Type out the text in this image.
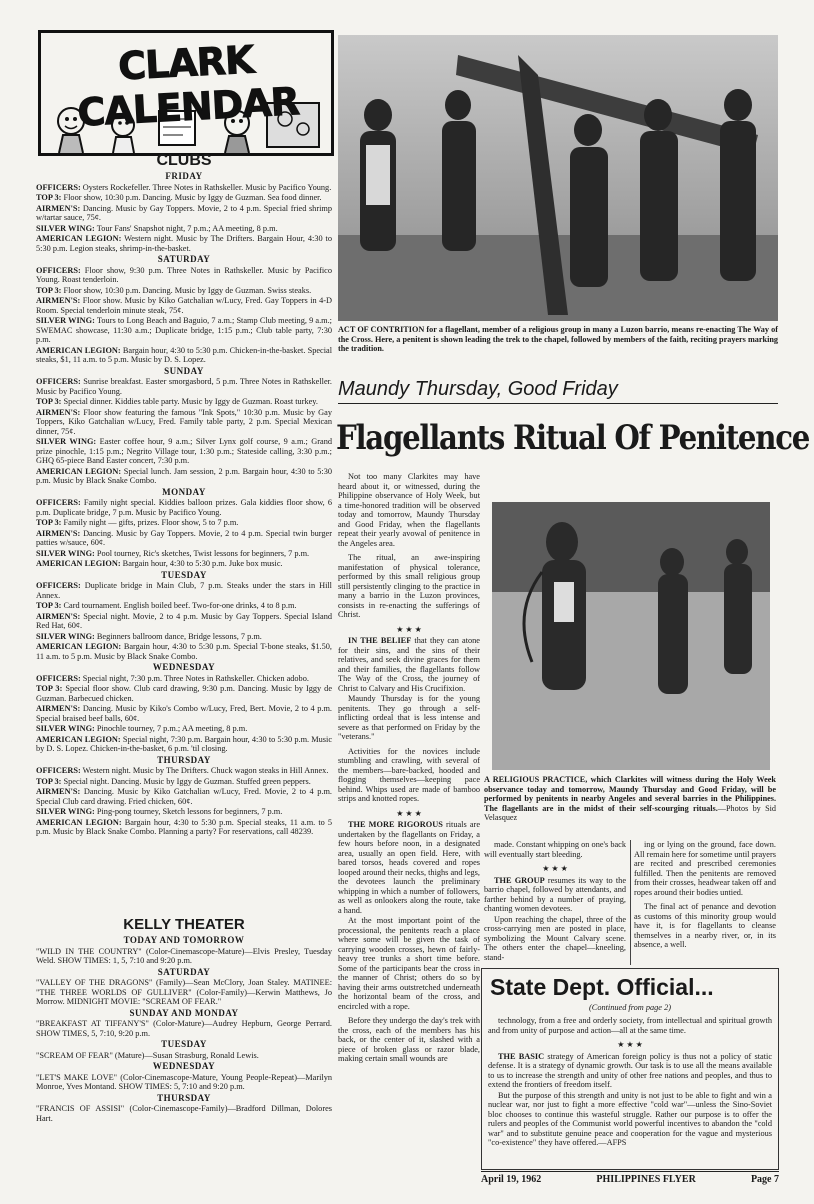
CLARK CALENDAR
CLUBS
FRIDAY

OFFICERS: Oysters Rockefeller. Three Notes in Rathskeller. Music by Pacifico Young.

TOP 3: Floor show, 10:30 p.m. Dancing. Music by Iggy de Guzman. Sea food dinner.

AIRMEN'S: Dancing. Music by Gay Toppers. Movie, 2 to 4 p.m. Special fried shrimp w/tartar sauce, 75¢.

SILVER WING: Tour Fans' Snapshot night, 7 p.m.; AA meeting, 8 p.m.

AMERICAN LEGION: Western night. Music by The Drifters. Bargain Hour, 4:30 to 5:30 p.m. Legion steaks, shrimp-in-the-basket.

SATURDAY

OFFICERS: Floor show, 9:30 p.m. Three Notes in Rathskeller. Music by Pacifico Young. Roast tenderloin.

TOP 3: Floor show, 10:30 p.m. Dancing. Music by Iggy de Guzman. Swiss steaks.

AIRMEN'S: Floor show. Music by Kiko Gatchalian w/Lucy, Fred. Gay Toppers in 4-D Room. Special tenderloin minute steak, 75¢.

SILVER WING: Tours to Long Beach and Baguio, 7 a.m.; Stamp Club meeting, 9 a.m.; SWEMAC showcase, 11:30 a.m.; Duplicate bridge, 1:15 p.m.; Club table party, 7:30 p.m.

AMERICAN LEGION: Bargain hour, 4:30 to 5:30 p.m. Chicken-in-the-basket. Special steaks, $1, 11 a.m. to 5 p.m. Music by D. S. Lopez.

SUNDAY

OFFICERS: Sunrise breakfast. Easter smorgasbord, 5 p.m. Three Notes in Rathskeller. Music by Pacifico Young.

TOP 3: Special dinner. Kiddies table party. Music by Iggy de Guzman. Roast turkey.

AIRMEN'S: Floor show featuring the famous "Ink Spots," 10:30 p.m. Music by Gay Toppers, Kiko Gatchalian w/Lucy, Fred. Family table party, 2 p.m. Special Mexican dinner, 75¢.

SILVER WING: Easter coffee hour, 9 a.m.; Silver Lynx golf course, 9 a.m.; Grand prize pinochle, 1:15 p.m.; Negrito Village tour, 1:30 p.m.; Stateside calling, 3:30 p.m.; GHQ 65-piece Band Easter concert, 7:30 p.m.

AMERICAN LEGION: Special lunch. Jam session, 2 p.m. Bargain hour, 4:30 to 5:30 p.m. Music by Black Snake Combo.

MONDAY

OFFICERS: Family night special. Kiddies balloon prizes. Gala kiddies floor show, 6 p.m. Duplicate bridge, 7 p.m. Music by Pacifico Young.

TOP 3: Family night — gifts, prizes. Floor show, 5 to 7 p.m.

AIRMEN'S: Dancing. Music by Gay Toppers. Movie, 2 to 4 p.m. Special twin burger patties w/sauce, 60¢.

SILVER WING: Pool tourney, Ric's sketches, Twist lessons for beginners, 7 p.m.

AMERICAN LEGION: Bargain hour, 4:30 to 5:30 p.m. Juke box music.

TUESDAY

OFFICERS: Duplicate bridge in Main Club, 7 p.m. Steaks under the stars in Hill Annex.

TOP 3: Card tournament. English boiled beef. Two-for-one drinks, 4 to 8 p.m.

AIRMEN'S: Special night. Movie, 2 to 4 p.m. Music by Gay Toppers. Special Island Red Hat, 60¢.

SILVER WING: Beginners ballroom dance, Bridge lessons, 7 p.m.

AMERICAN LEGION: Bargain hour, 4:30 to 5:30 p.m. Special T-bone steaks, $1.50, 11 a.m. to 5 p.m. Music by Black Snake Combo.

WEDNESDAY

OFFICERS: Special night, 7:30 p.m. Three Notes in Rathskeller. Chicken adobo.

TOP 3: Special floor show. Club card drawing, 9:30 p.m. Dancing. Music by Iggy de Guzman. Barbecued chicken.

AIRMEN'S: Dancing. Music by Kiko's Combo w/Lucy, Fred, Bert. Movie, 2 to 4 p.m. Special braised beef balls, 60¢.

SILVER WING: Pinochle tourney, 7 p.m.; AA meeting, 8 p.m.

AMERICAN LEGION: Special night, 7:30 p.m. Bargain hour, 4:30 to 5:30 p.m. Music by D. S. Lopez. Chicken-in-the-basket, 6 p.m. 'til closing.

THURSDAY

OFFICERS: Western night. Music by The Drifters. Chuck wagon steaks in Hill Annex.

TOP 3: Special night. Dancing. Music by Iggy de Guzman. Stuffed green peppers.

AIRMEN'S: Dancing. Music by Kiko Gatchalian w/Lucy, Fred. Movie, 2 to 4 p.m. Special Club card drawing. Fried chicken, 60¢.

SILVER WING: Ping-pong tourney, Sketch lessons for beginners, 7 p.m.

AMERICAN LEGION: Bargain hour, 4:30 to 5:30 p.m. Special steaks, 11 a.m. to 5 p.m. Music by Black Snake Combo. Planning a party? For reservations, call 48239.

KELLY THEATER
TODAY AND TOMORROW

"WILD IN THE COUNTRY" (Color-Cinemascope-Mature)—Elvis Presley, Tuesday Weld. SHOW TIMES: 1, 5, 7:10 and 9:20 p.m.

SATURDAY

"VALLEY OF THE DRAGONS" (Family)—Sean McClory, Joan Staley. MATINEE: "THE THREE WORLDS OF GULLIVER" (Color-Family)—Kerwin Matthews, Jo Morrow. MIDNIGHT MOVIE: "SCREAM OF FEAR."

SUNDAY AND MONDAY

"BREAKFAST AT TIFFANY'S" (Color-Mature)—Audrey Hepburn, George Perrard. SHOW TIMES, 5, 7:10, 9:20 p.m.

TUESDAY

"SCREAM OF FEAR" (Mature)—Susan Strasburg, Ronald Lewis.

WEDNESDAY

"LET'S MAKE LOVE" (Color-Cinemascope-Mature, Young People-Repeat)—Marilyn Monroe, Yves Montand. SHOW TIMES: 5, 7:10 and 9:20 p.m.

THURSDAY

"FRANCIS OF ASSISI" (Color-Cinemascope-Family)—Bradford Dillman, Dolores Hart.

ACT OF CONTRITION for a flagellant, member of a religious group in many a Luzon barrio, means re-enacting The Way of the Cross. Here, a penitent is shown leading the trek to the chapel, followed by members of the faith, reciting prayers marking the tradition.
Maundy Thursday, Good Friday
Flagellants Ritual Of Penitence

Not too many Clarkites may have heard about it, or witnessed, during the Philippine observance of Holy Week, but a time-honored tradition will be observed today and tomorrow, Maundy Thursday and Good Friday, when the flagellants repeat their yearly avowal of penitence in the Angeles area.

The ritual, an awe-inspiring manifestation of physical tolerance, performed by this small religious group still persistently clinging to the practice in many a barrio in the Luzon provinces, consists in re-enacting the sufferings of Christ.

★ ★ ★

IN THE BELIEF that they can atone for their sins, and the sins of their relatives, and seek divine graces for them and their families, the flagellants follow The Way of the Cross, the journey of Christ to Calvary and His Crucifixion.

Maundy Thursday is for the young penitents. They go through a self-inflicting ordeal that is less intense and severe as that performed on Friday by the "veterans."

Activities for the novices include stumbling and crawling, with several of the members—bare-backed, hooded and flogging themselves—keeping pace behind. Whips used are made of bamboo strips and knotted ropes.

★ ★ ★

THE MORE RIGOROUS rituals are undertaken by the flagellants on Friday, a few hours before noon, in a designated area, usually an open field. Here, with bared torsos, heads covered and ropes looped around their necks, thighs and legs, the devotees launch the preliminary whipping in which a number of followers, as well as onlookers along the route, take a hand.

At the most important point of the processional, the penitents reach a place where some will be given the task of carrying wooden crosses, hewn of fairly-heavy tree trunks a short time before. Some of the participants bear the cross in the manner of Christ; others do so by having their arms outstretched underneath the horizontal beam of the cross, and encircled with a rope.

Before they undergo the day's trek with the cross, each of the members has his back, or the center of it, slashed with a piece of broken glass or razor blade, making certain small wounds are

A RELIGIOUS PRACTICE, which Clarkites will witness during the Holy Week observance today and tomorrow, Maundy Thursday and Good Friday, will be performed by penitents in nearby Angeles and several barries in the Philippines. The flagellants are in the midst of their self-scourging rituals.—Photos by Sid Velasquez

made. Constant whipping on one's back will eventually start bleeding.

★ ★ ★

THE GROUP resumes its way to the barrio chapel, followed by attendants, and farther behind by a number of praying, chanting women devotees.

Upon reaching the chapel, three of the cross-carrying men are posted in place, symbolizing the Mount Calvary scene. The others enter the chapel—kneeling, stand-

ing or lying on the ground, face down. All remain here for sometime until prayers are recited and prescribed ceremonies fulfilled. Then the penitents are removed from their crosses, headwear taken off and ropes around their bodies untied.

The final act of penance and devotion as customs of this minority group would have it, is for flagellants to cleanse themselves in a nearby river, or, in its absence, a well.

State Dept. Official...
(Continued from page 2)

technology, from a free and orderly society, from intellectual and spiritual growth and from unity of purpose and action—all at the same time.

★ ★ ★

THE BASIC strategy of American foreign policy is thus not a policy of static defense. It is a strategy of dynamic growth. Our task is to use all the means available to us to increase the strength and unity of other free nations and peoples, and thus to extend the frontiers of freedom itself.

But the purpose of this strength and unity is not just to be able to fight and win a nuclear war, nor just to fight a more effective "cold war"—unless the Sino-Soviet bloc chooses to continue this wasteful struggle. Rather our purpose is to offer the rulers and peoples of the Communist world powerful incentives to abandon the "cold war" and to substitute genuine peace and cooperation for the vague and mysterious "co-existence" they have offered.—AFPS

April 19, 1962	PHILIPPINES FLYER	Page 7
